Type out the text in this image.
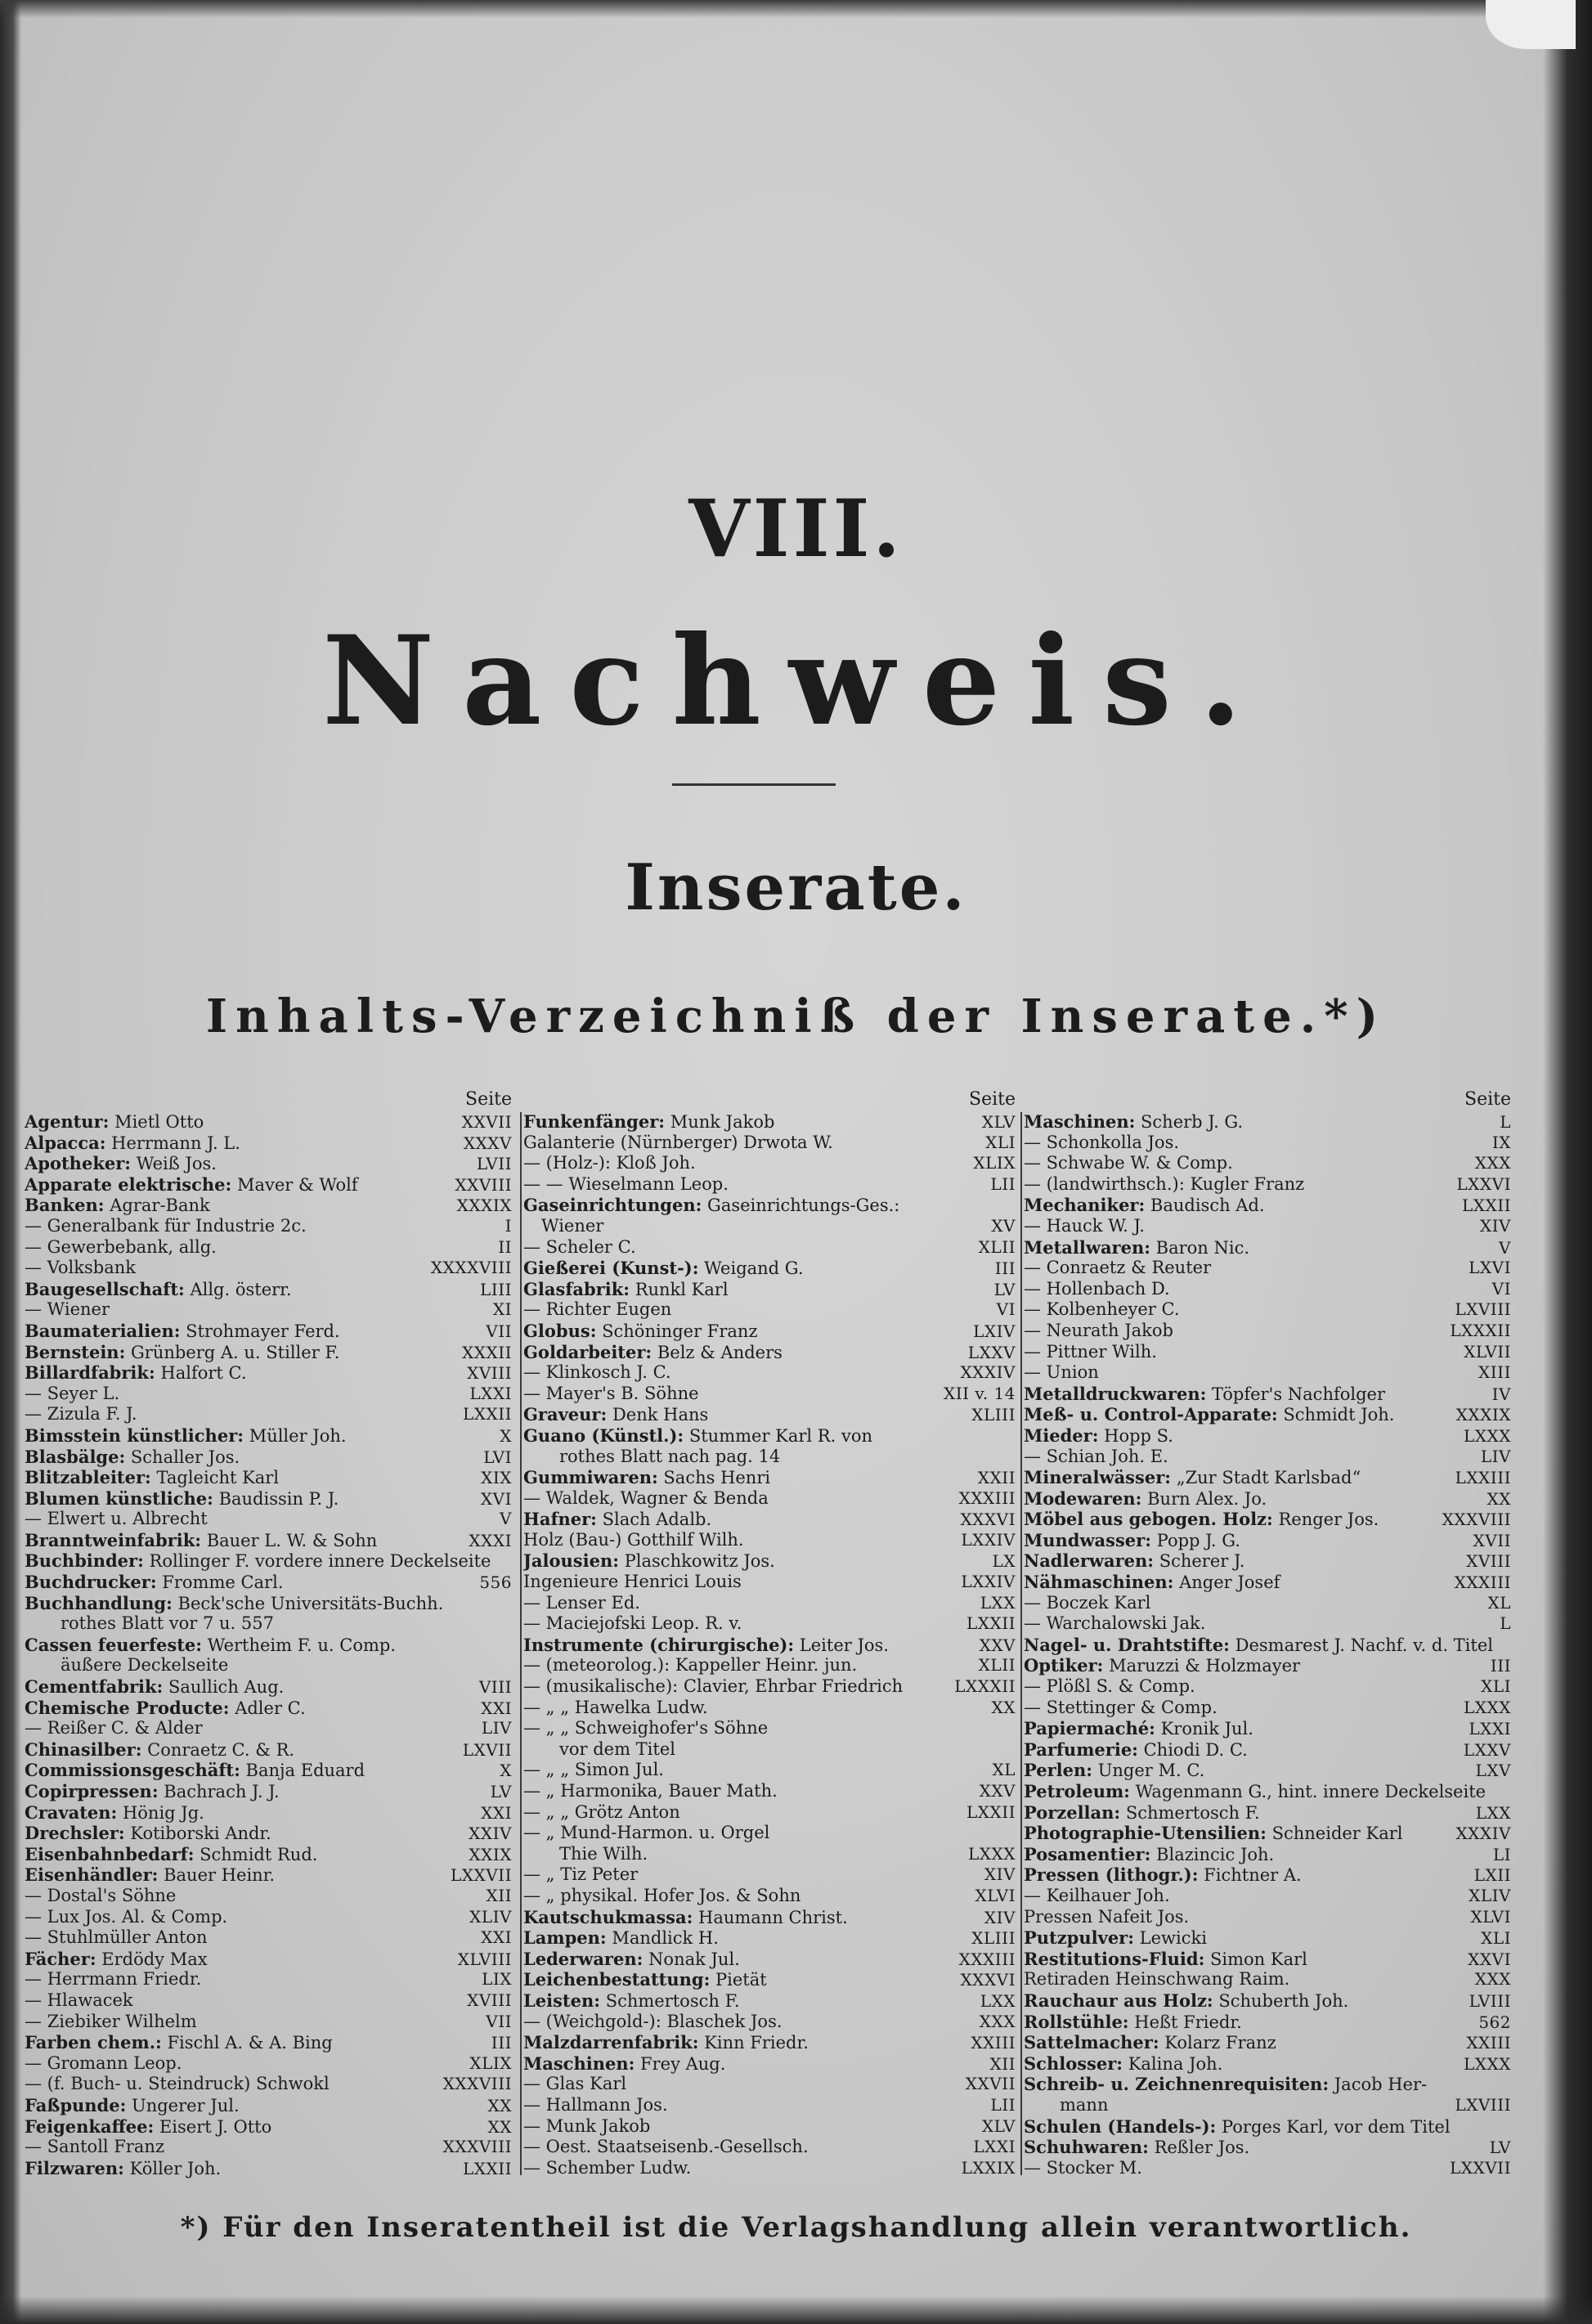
VIII.
Nachweis.
Inserate.
Inhalts-Verzeichniß der Inserate.*)
Seite
Agentur: Mietl Otto	XXVII
Alpacca: Herrmann J. L.	XXXV
Apotheker: Weiß Jos.	LVII
Apparate elektrische: Maver & Wolf	XXVIII
Banken: Agrar-Bank	XXXIX
— Generalbank für Industrie 2c.	I
— Gewerbebank, allg.	II
— Volksbank	XXXXVIII
Baugesellschaft: Allg. österr.	LIII
— Wiener	XI
Baumaterialien: Strohmayer Ferd.	VII
Bernstein: Grünberg A. u. Stiller F.	XXXII
Billardfabrik: Halfort C.	XVIII
— Seyer L.	LXXI
— Zizula F. J.	LXXII
Bimsstein künstlicher: Müller Joh.	X
Blasbälge: Schaller Jos.	LVI
Blitzableiter: Tagleicht Karl	XIX
Blumen künstliche: Baudissin P. J.	XVI
— Elwert u. Albrecht	V
Branntweinfabrik: Bauer L. W. & Sohn	XXXI
Buchbinder: Rollinger F. vordere innere Deckelseite
Buchdrucker: Fromme Carl.	556
Buchhandlung: Beck'sche Universitäts-Buchh.
rothes Blatt vor 7 u. 557
Cassen feuerfeste: Wertheim F. u. Comp.
äußere Deckelseite
Cementfabrik: Saullich Aug.	VIII
Chemische Producte: Adler C.	XXI
— Reißer C. & Alder	LIV
Chinasilber: Conraetz C. & R.	LXVII
Commissionsgeschäft: Banja Eduard	X
Copirpressen: Bachrach J. J.	LV
Cravaten: Hönig Jg.	XXI
Drechsler: Kotiborski Andr.	XXIV
Eisenbahnbedarf: Schmidt Rud.	XXIX
Eisenhändler: Bauer Heinr.	LXXVII
— Dostal's Söhne	XII
— Lux Jos. Al. & Comp.	XLIV
— Stuhlmüller Anton	XXI
Fächer: Erdödy Max	XLVIII
— Herrmann Friedr.	LIX
— Hlawacek	XVIII
— Ziebiker Wilhelm	VII
Farben chem.: Fischl A. & A. Bing	III
— Gromann Leop.	XLIX
— (f. Buch- u. Steindruck) Schwokl	XXXVIII
Faßpunde: Ungerer Jul.	XX
Feigenkaffee: Eisert J. Otto	XX
— Santoll Franz	XXXVIII
Filzwaren: Köller Joh.	LXXII
Seite
Funkenfänger: Munk Jakob	XLV
Galanterie (Nürnberger) Drwota W.	XLI
— (Holz-): Kloß Joh.	XLIX
— — Wieselmann Leop.	LII
Gaseinrichtungen: Gaseinrichtungs-Ges.:
Wiener	XV
— Scheler C.	XLII
Gießerei (Kunst-): Weigand G.	III
Glasfabrik: Runkl Karl	LV
— Richter Eugen	VI
Globus: Schöninger Franz	LXIV
Goldarbeiter: Belz & Anders	LXXV
— Klinkosch J. C.	XXXIV
— Mayer's B. Söhne	XII v. 14
Graveur: Denk Hans	XLIII
Guano (Künstl.): Stummer Karl R. von
rothes Blatt nach pag. 14
Gummiwaren: Sachs Henri	XXII
— Waldek, Wagner & Benda	XXXIII
Hafner: Slach Adalb.	XXXVI
Holz (Bau-) Gotthilf Wilh.	LXXIV
Jalousien: Plaschkowitz Jos.	LX
Ingenieure Henrici Louis	LXXIV
— Lenser Ed.	LXX
— Maciejofski Leop. R. v.	LXXII
Instrumente (chirurgische): Leiter Jos.	XXV
— (meteorolog.): Kappeller Heinr. jun.	XLII
— (musikalische): Clavier, Ehrbar Friedrich	LXXXII
— „ „ Hawelka Ludw.	XX
— „ „ Schweighofer's Söhne
vor dem Titel
— „ „ Simon Jul.	XL
— „ Harmonika, Bauer Math.	XXV
— „ „ Grötz Anton	LXXII
— „ Mund-Harmon. u. Orgel
Thie Wilh.	LXXX
— „ Tiz Peter	XIV
— „ physikal. Hofer Jos. & Sohn	XLVI
Kautschukmassa: Haumann Christ.	XIV
Lampen: Mandlick H.	XLIII
Lederwaren: Nonak Jul.	XXXIII
Leichenbestattung: Pietät	XXXVI
Leisten: Schmertosch F.	LXX
— (Weichgold-): Blaschek Jos.	XXX
Malzdarrenfabrik: Kinn Friedr.	XXIII
Maschinen: Frey Aug.	XII
— Glas Karl	XXVII
— Hallmann Jos.	LII
— Munk Jakob	XLV
— Oest. Staatseisenb.-Gesellsch.	LXXI
— Schember Ludw.	LXXIX
Seite
Maschinen: Scherb J. G.	L
— Schonkolla Jos.	IX
— Schwabe W. & Comp.	XXX
— (landwirthsch.): Kugler Franz	LXXVI
Mechaniker: Baudisch Ad.	LXXII
— Hauck W. J.	XIV
Metallwaren: Baron Nic.	V
— Conraetz & Reuter	LXVI
— Hollenbach D.	VI
— Kolbenheyer C.	LXVIII
— Neurath Jakob	LXXXII
— Pittner Wilh.	XLVII
— Union	XIII
Metalldruckwaren: Töpfer's Nachfolger	IV
Meß- u. Control-Apparate: Schmidt Joh.	XXXIX
Mieder: Hopp S.	LXXX
— Schian Joh. E.	LIV
Mineralwässer: „Zur Stadt Karlsbad“	LXXIII
Modewaren: Burn Alex. Jo.	XX
Möbel aus gebogen. Holz: Renger Jos.	XXXVIII
Mundwasser: Popp J. G.	XVII
Nadlerwaren: Scherer J.	XVIII
Nähmaschinen: Anger Josef	XXXIII
— Boczek Karl	XL
— Warchalowski Jak.	L
Nagel- u. Drahtstifte: Desmarest J. Nachf. v. d. Titel
Optiker: Maruzzi & Holzmayer	III
— Plößl S. & Comp.	XLI
— Stettinger & Comp.	LXXX
Papiermaché: Kronik Jul.	LXXI
Parfumerie: Chiodi D. C.	LXXV
Perlen: Unger M. C.	LXV
Petroleum: Wagenmann G., hint. innere Deckelseite
Porzellan: Schmertosch F.	LXX
Photographie-Utensilien: Schneider Karl	XXXIV
Posamentier: Blazincic Joh.	LI
Pressen (lithogr.): Fichtner A.	LXII
— Keilhauer Joh.	XLIV
Pressen Nafeit Jos.	XLVI
Putzpulver: Lewicki	XLI
Restitutions-Fluid: Simon Karl	XXVI
Retiraden Heinschwang Raim.	XXX
Rauchaur aus Holz: Schuberth Joh.	LVIII
Rollstühle: Heßt Friedr.	562
Sattelmacher: Kolarz Franz	XXIII
Schlosser: Kalina Joh.	LXXX
Schreib- u. Zeichnenrequisiten: Jacob Her-
mann	LXVIII
Schulen (Handels-): Porges Karl, vor dem Titel
Schuhwaren: Reßler Jos.	LV
— Stocker M.	LXXVII
*) Für den Inseratentheil ist die Verlagshandlung allein verantwortlich.
